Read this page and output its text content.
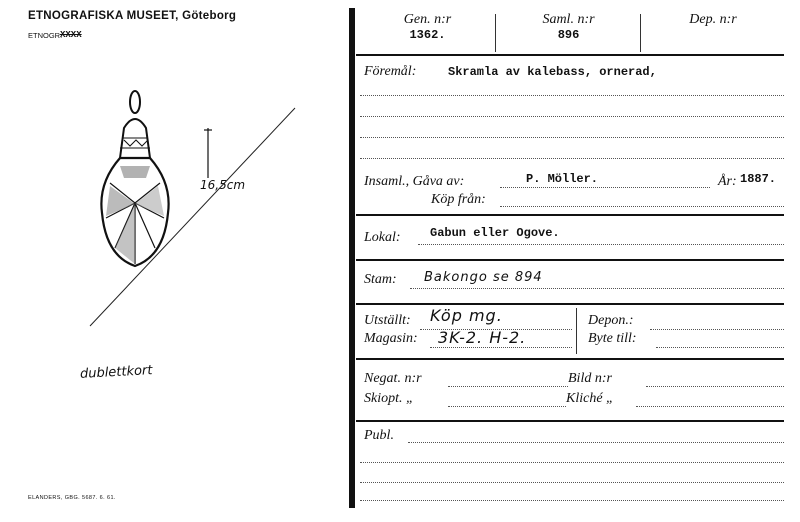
ETNOGRAFISKA MUSEET, Göteborg
ETNOGR.
XXXX
16,5cm
dublettkort
ELANDERS, GBG. 5687. 6. 61.
Gen. n:r
1362.
Saml. n:r
896
Dep. n:r
Föremål:	Skramla av kalebass, ornerad,
Insaml., Gåva av:	P. Möller.	År: 1887.
Köp från:
Lokal: Gabun eller Ogove.
Stam: Bakongo se 894
Utställt: Köp mg.
Magasin: 3K-2. H-2.
Depon.:
Byte till:
Negat. n:r	Bild n:r
Skiopt. „	Kliché „
Publ.
